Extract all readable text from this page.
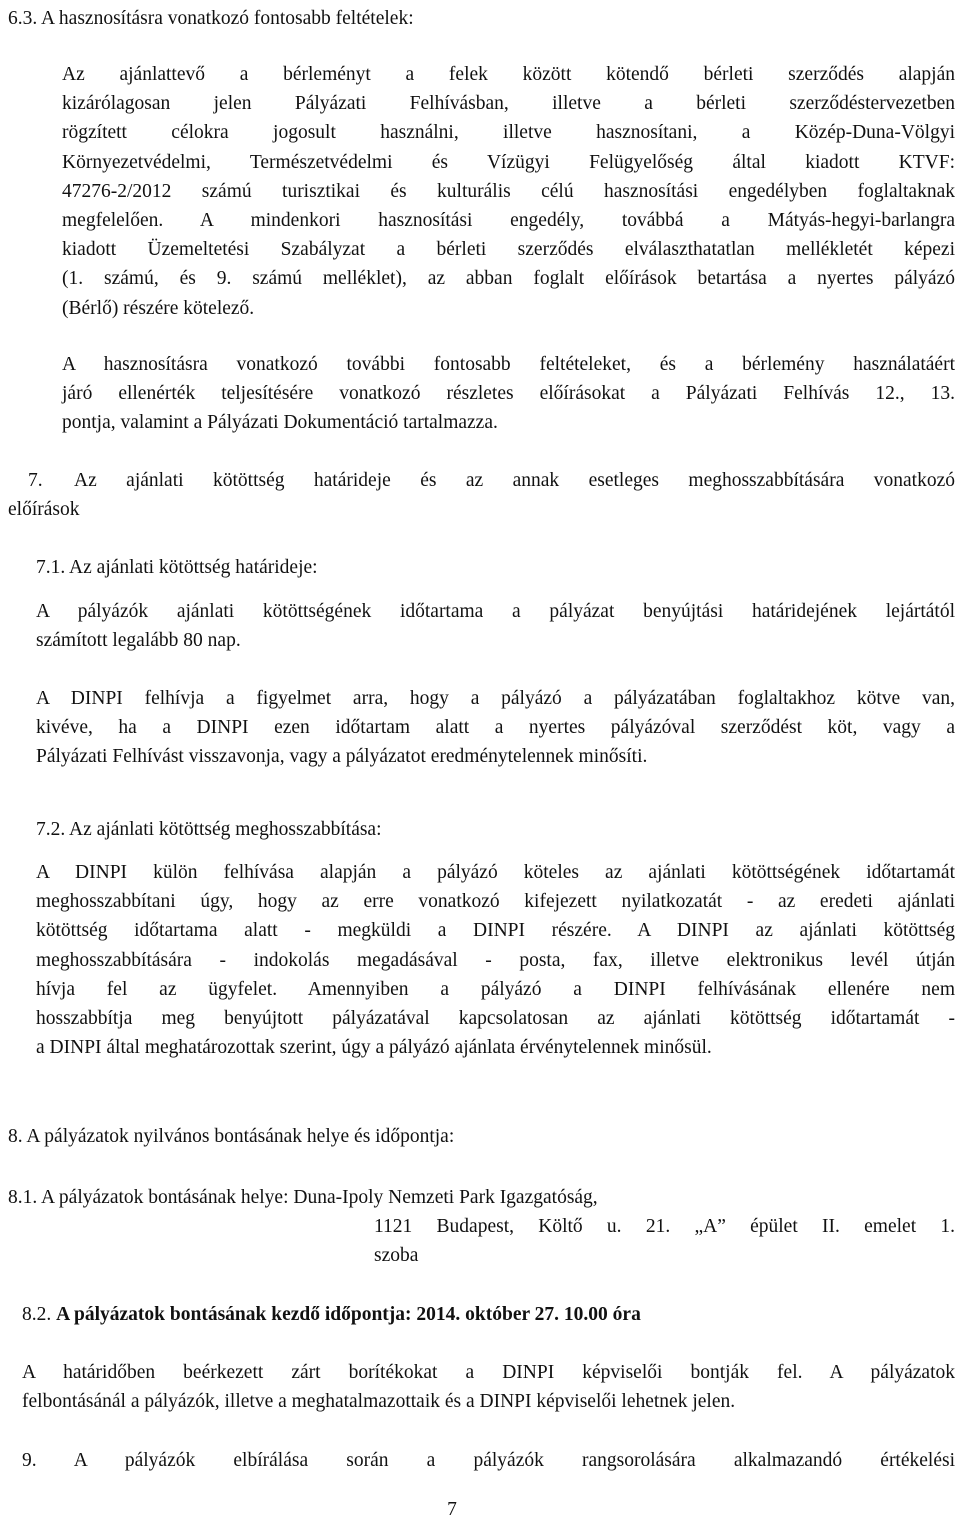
6.3. A hasznosításra vonatkozó fontosabb feltételek:
Az ajánlattevő a bérleményt a felek között kötendő bérleti szerződés alapján
kizárólagosan jelen Pályázati Felhívásban, illetve a bérleti szerződéstervezetben
rögzített célokra jogosult használni, illetve hasznosítani, a Közép-Duna-Völgyi
Környezetvédelmi, Természetvédelmi és Vízügyi Felügyelőség által kiadott KTVF:
47276-2/2012 számú turisztikai és kulturális célú hasznosítási engedélyben foglaltaknak
megfelelően. A mindenkori hasznosítási engedély, továbbá a Mátyás-hegyi-barlangra
kiadott Üzemeltetési Szabályzat a bérleti szerződés elválaszthatatlan mellékletét képezi
(1. számú, és 9. számú melléklet), az abban foglalt előírások betartása a nyertes pályázó
(Bérlő) részére kötelező.
A hasznosításra vonatkozó további fontosabb feltételeket, és a bérlemény használatáért
járó ellenérték teljesítésére vonatkozó részletes előírásokat a Pályázati Felhívás 12., 13.
pontja, valamint a Pályázati Dokumentáció tartalmazza.
7. Az ajánlati kötöttség határideje és az annak esetleges meghosszabbítására vonatkozó
előírások
7.1. Az ajánlati kötöttség határideje:
A pályázók ajánlati kötöttségének időtartama a pályázat benyújtási határidejének lejártától
számított legalább 80 nap.
A DINPI felhívja a figyelmet arra, hogy a pályázó a pályázatában foglaltakhoz kötve van,
kivéve, ha a DINPI ezen időtartam alatt a nyertes pályázóval szerződést köt, vagy a
Pályázati Felhívást visszavonja, vagy a pályázatot eredménytelennek minősíti.
7.2. Az ajánlati kötöttség meghosszabbítása:
A DINPI külön felhívása alapján a pályázó köteles az ajánlati kötöttségének időtartamát
meghosszabbítani úgy, hogy az erre vonatkozó kifejezett nyilatkozatát - az eredeti ajánlati
kötöttség időtartama alatt - megküldi a DINPI részére. A DINPI az ajánlati kötöttség
meghosszabbítására - indokolás megadásával - posta, fax, illetve elektronikus levél útján
hívja fel az ügyfelet. Amennyiben a pályázó a DINPI felhívásának ellenére nem
hosszabbítja meg benyújtott pályázatával kapcsolatosan az ajánlati kötöttség időtartamát -
a DINPI által meghatározottak szerint, úgy a pályázó ajánlata érvénytelennek minősül.
8. A pályázatok nyilvános bontásának helye és időpontja:
8.1. A pályázatok bontásának helye: Duna-Ipoly Nemzeti Park Igazgatóság,
1121 Budapest, Költő u. 21. „A” épület II. emelet 1.
szoba
8.2. A pályázatok bontásának kezdő időpontja: 2014. október 27. 10.00 óra
A határidőben beérkezett zárt borítékokat a DINPI képviselői bontják fel. A pályázatok
felbontásánál a pályázók, illetve a meghatalmazottaik és a DINPI képviselői lehetnek jelen.
9. A pályázók elbírálása során a pályázók rangsorolására alkalmazandó értékelési
7
